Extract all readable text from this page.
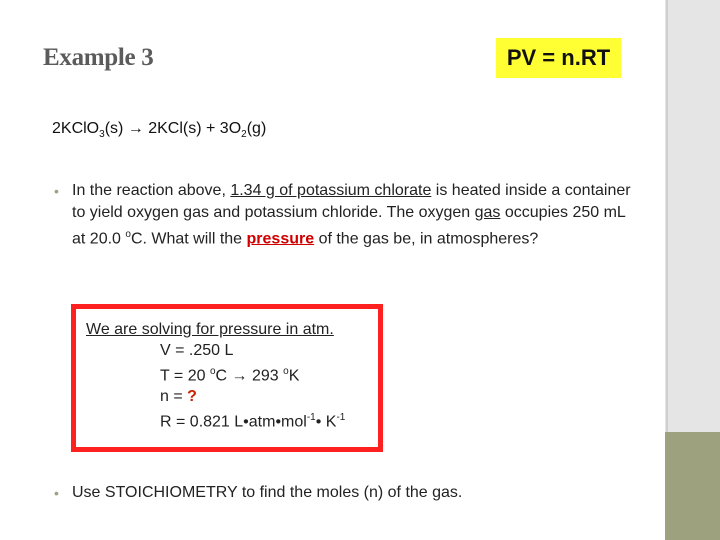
Example 3	PV = n.RT
2KClO$_3$(s) → $2KCl(s) + 3O_2(g)$
• In the reaction above, 1.34 g of potassium chlorate is heated inside a container to yield oxygen gas and potassium chloride. The oxygen gas occupies 250 mL at 20.0 $^o$C. What will the pressure of the gas be, in atmospheres?
We are solving for pressure in atm.
V = .250 L
T = 20 $^o$C → 293 $^o$K
n = ?
R = 0.821 L•atm•mol$^{-1}$• $K^{-1}$
• Use STOICHIOMETRY to find the moles (n) of the gas.
